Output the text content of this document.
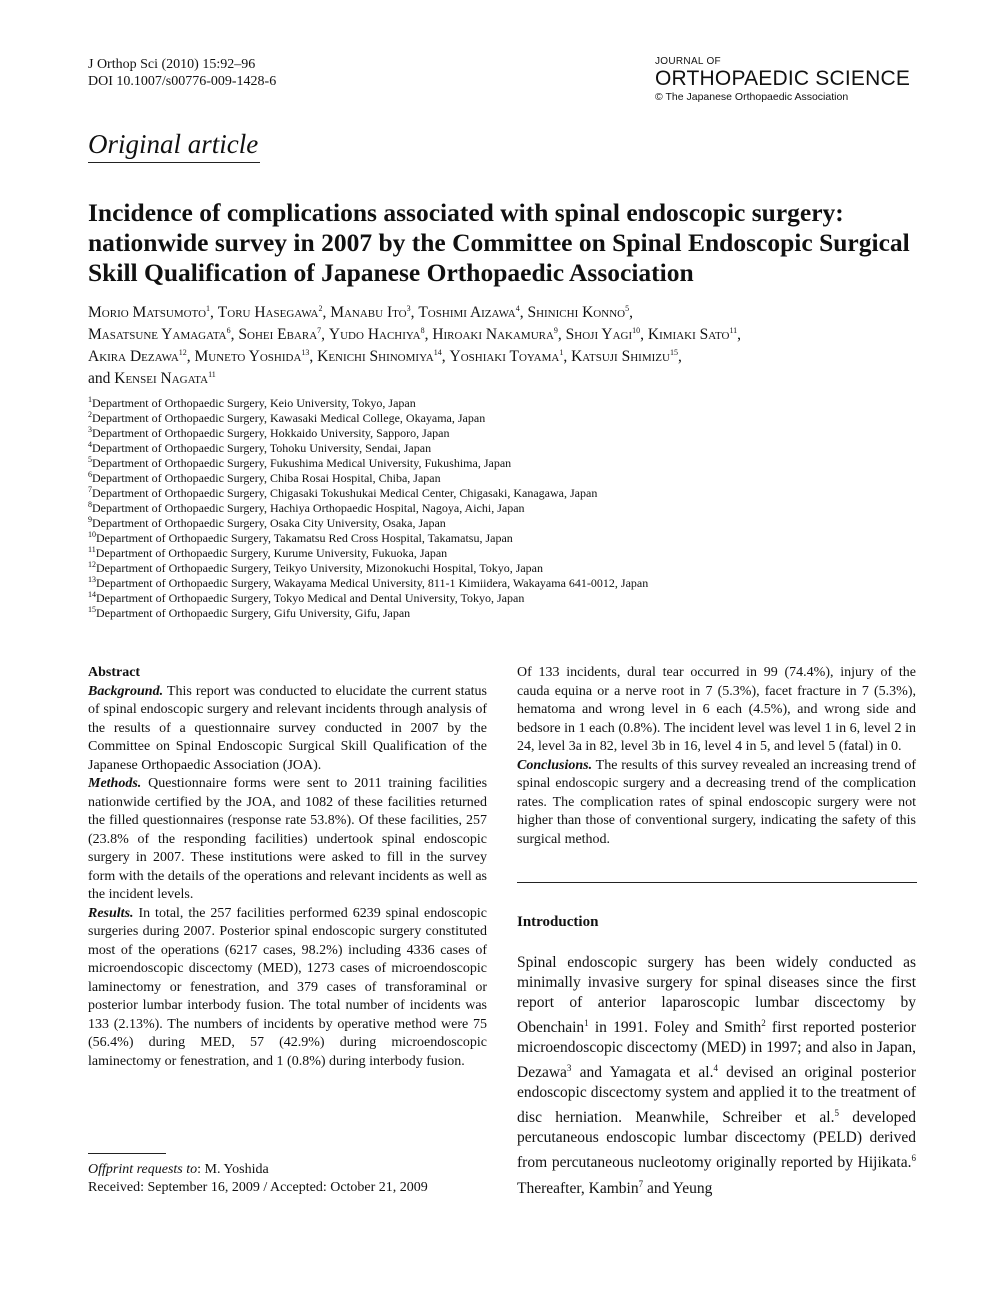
J Orthop Sci (2010) 15:92–96
DOI 10.1007/s00776-009-1428-6
JOURNAL OF
ORTHOPAEDIC SCIENCE
© The Japanese Orthopaedic Association
Original article
Incidence of complications associated with spinal endoscopic surgery: nationwide survey in 2007 by the Committee on Spinal Endoscopic Surgical Skill Qualification of Japanese Orthopaedic Association
Morio Matsumoto$^1$, Toru Hasegawa$^2$, Manabu Ito$^3$, Toshimi Aizawa$^4$, Shinichi Konno$^5$,
Masatsune Yamagata$^6$, Sohei Ebara$^7$, Yudo Hachiya$^8$, Hiroaki Nakamura$^9$, Shoji Yagi$^{10}$, Kimiaki Sato$^{11}$,
Akira Dezawa$^{12}$, Muneto Yoshida$^{13}$, Kenichi Shinomiya$^{14}$, Yoshiaki Toyama$^1$, Katsuji Shimizu$^{15}$,
and Kensei Nagata$^{11}$
$^1$Department of Orthopaedic Surgery, Keio University, Tokyo, Japan
$^2$Department of Orthopaedic Surgery, Kawasaki Medical College, Okayama, Japan
$^3$Department of Orthopaedic Surgery, Hokkaido University, Sapporo, Japan
$^4$Department of Orthopaedic Surgery, Tohoku University, Sendai, Japan
$^5$Department of Orthopaedic Surgery, Fukushima Medical University, Fukushima, Japan
$^6$Department of Orthopaedic Surgery, Chiba Rosai Hospital, Chiba, Japan
$^7$Department of Orthopaedic Surgery, Chigasaki Tokushukai Medical Center, Chigasaki, Kanagawa, Japan
$^8$Department of Orthopaedic Surgery, Hachiya Orthopaedic Hospital, Nagoya, Aichi, Japan
$^9$Department of Orthopaedic Surgery, Osaka City University, Osaka, Japan
$^{10}$Department of Orthopaedic Surgery, Takamatsu Red Cross Hospital, Takamatsu, Japan
$^{11}$Department of Orthopaedic Surgery, Kurume University, Fukuoka, Japan
$^{12}$Department of Orthopaedic Surgery, Teikyo University, Mizonokuchi Hospital, Tokyo, Japan
$^{13}$Department of Orthopaedic Surgery, Wakayama Medical University, 811-1 Kimiidera, Wakayama 641-0012, Japan
$^{14}$Department of Orthopaedic Surgery, Tokyo Medical and Dental University, Tokyo, Japan
$^{15}$Department of Orthopaedic Surgery, Gifu University, Gifu, Japan

Abstract

Background. This report was conducted to elucidate the current status of spinal endoscopic surgery and relevant incidents through analysis of the results of a questionnaire survey conducted in 2007 by the Committee on Spinal Endoscopic Surgical Skill Qualification of the Japanese Orthopaedic Association (JOA).

Methods. Questionnaire forms were sent to 2011 training facilities nationwide certified by the JOA, and 1082 of these facilities returned the filled questionnaires (response rate 53.8%). Of these facilities, 257 (23.8% of the responding facilities) undertook spinal endoscopic surgery in 2007. These institutions were asked to fill in the survey form with the details of the operations and relevant incidents as well as the incident levels.

Results. In total, the 257 facilities performed 6239 spinal endoscopic surgeries during 2007. Posterior spinal endoscopic surgery constituted most of the operations (6217 cases, 98.2%) including 4336 cases of microendoscopic discectomy (MED), 1273 cases of microendoscopic laminectomy or fenestration, and 379 cases of transforaminal or posterior lumbar interbody fusion. The total number of incidents was 133 (2.13%). The numbers of incidents by operative method were 75 (56.4%) during MED, 57 (42.9%) during microendoscopic laminectomy or fenestration, and 1 (0.8%) during interbody fusion.

Of 133 incidents, dural tear occurred in 99 (74.4%), injury of the cauda equina or a nerve root in 7 (5.3%), facet fracture in 7 (5.3%), hematoma and wrong level in 6 each (4.5%), and wrong side and bedsore in 1 each (0.8%). The incident level was level 1 in 6, level 2 in 24, level 3a in 82, level 3b in 16, level 4 in 5, and level 5 (fatal) in 0.

Conclusions. The results of this survey revealed an increasing trend of spinal endoscopic surgery and a decreasing trend of the complication rates. The complication rates of spinal endoscopic surgery were not higher than those of conventional surgery, indicating the safety of this surgical method.

Introduction
Spinal endoscopic surgery has been widely conducted as minimally invasive surgery for spinal diseases since the first report of anterior laparoscopic lumbar discectomy by Obenchain$^1$ in 1991. Foley and Smith$^2$ first reported posterior microendoscopic discectomy (MED) in 1997; and also in Japan, Dezawa$^3$ and Yamagata et al.$^4$ devised an original posterior endoscopic discectomy system and applied it to the treatment of disc herniation. Meanwhile, Schreiber et al.$^5$ developed percutaneous endoscopic lumbar discectomy (PELD) derived from percutaneous nucleotomy originally reported by Hijikata.$^6$ Thereafter, Kambin$^7$ and Yeung
Offprint requests to: M. Yoshida
Received: September 16, 2009 / Accepted: October 21, 2009
